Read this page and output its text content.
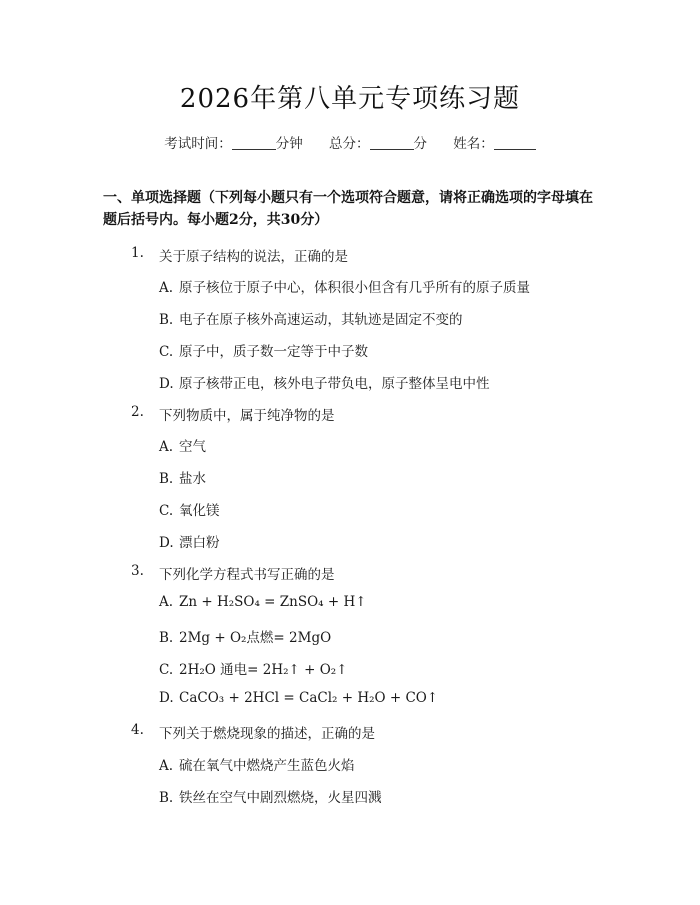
2026年第八单元专项练习题
考试时间：	分钟 总分：	分 姓名：
一、单项选择题（下列每小题只有一个选项符合题意，请将正确选项的字母填在题后括号内。每小题2分，共30分）
1. 关于原子结构的说法，正确的是
A. 原子核位于原子中心，体积很小但含有几乎所有的原子质量
B. 电子在原子核外高速运动，其轨迹是固定不变的
C. 原子中，质子数一定等于中子数
D. 原子核带正电，核外电子带负电，原子整体呈电中性
2. 下列物质中，属于纯净物的是
A. 空气
B. 盐水
C. 氧化镁
D. 漂白粉
3. 下列化学方程式书写正确的是
A. Zn + H₂SO₄ = ZnSO₄ + H↑
B. 2Mg + O₂点燃= 2MgO
C. 2H₂O 通电= 2H₂↑ + O₂↑
D. CaCO₃ + 2HCl = CaCl₂ + H₂O + CO↑
4. 下列关于燃烧现象的描述，正确的是
A. 硫在氧气中燃烧产生蓝色火焰
B. 铁丝在空气中剧烈燃烧，火星四溅
